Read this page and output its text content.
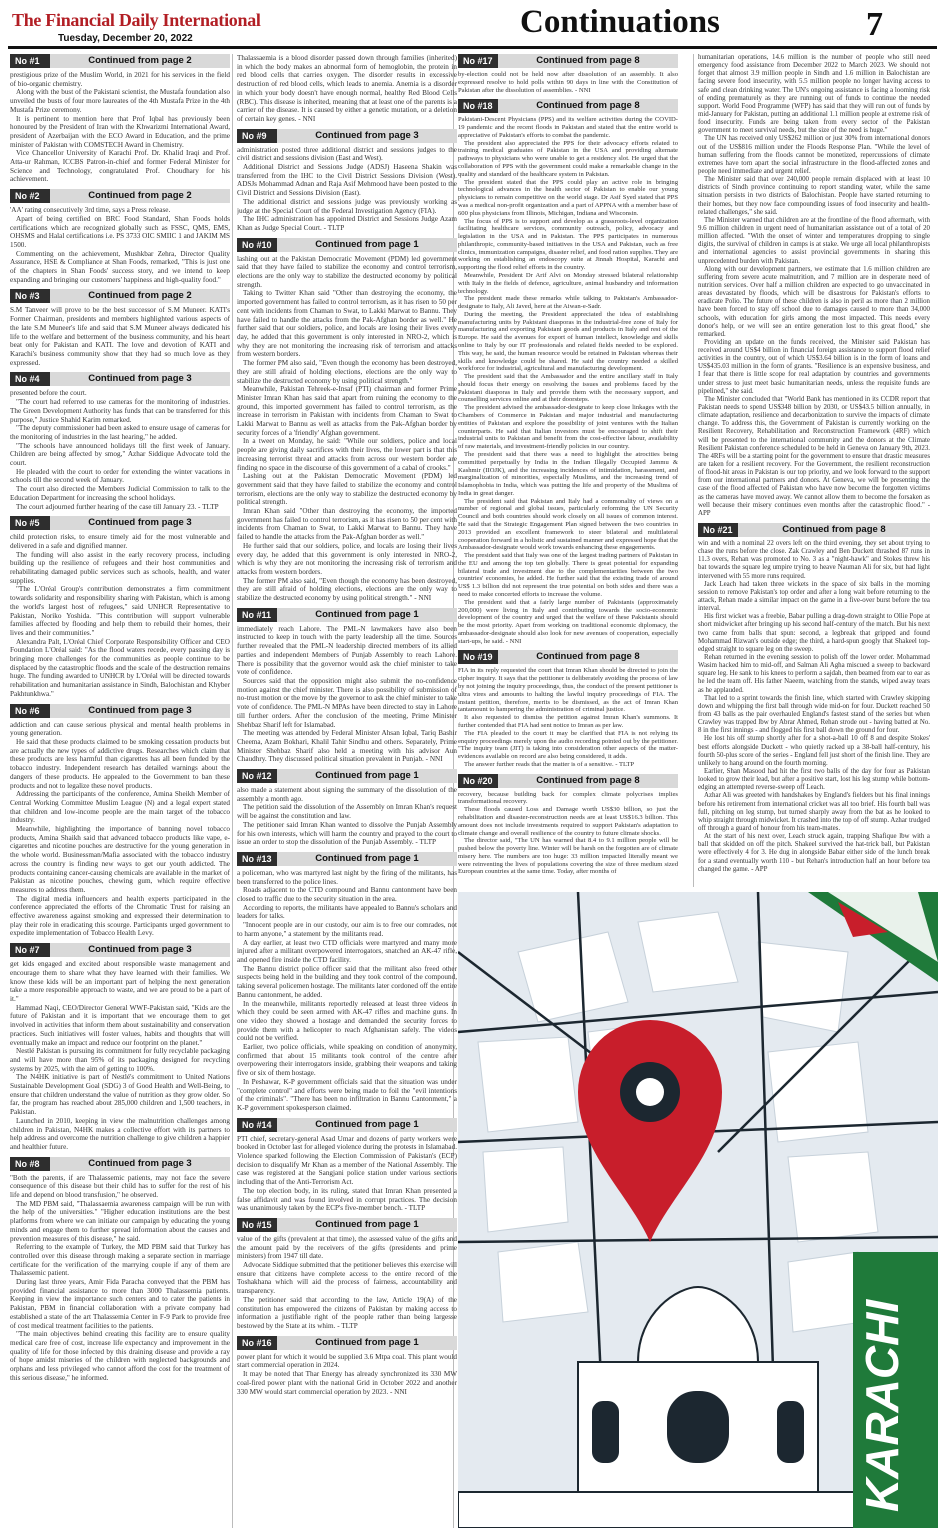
The Financial Daily International
Tuesday, December 20, 2022	Continuations	7
No #1	Continued from page 2

prestigious prize of the Muslim World, in 2021 for his services in the field of bio-organic chemistry.

Along with the bust of the Pakistani scientist, the Mustafa foundation also unveiled the busts of four more laureates of the 4th Mustafa Prize in the 4th Mustafa Prize ceremony.

It is pertinent to mention here that Prof Iqbal has previously been honoured by the President of Iran with the Khwarizmi International Award, president of Azerbaijan with the ECO Award in Education, and the prime minister of Pakistan with COMSTECH Award in Chemistry.

Vice Chancellor University of Karachi Prof. Dr. Khalid Iraqi and Prof. Atta-ur Rahman, ICCBS Patron-in-chief and former Federal Minister for Science and Technology, congratulated Prof. Choudhary for his achievement.

No #2	Continued from page 2

'AA' rating consecutively 3rd time, says a Press release.

Apart of being certified on BRC Food Standard, Shan Foods holds certifications which are recognized globally such as FSSC, QMS, EMS, OHSMS and Halal certifications i.e. PS 3733 OIC SMIIC 1 and JAKIM MS 1500.

Commenting on the achievement, Mushkbar Zehra, Director Quality Assurance, HSE & Compliance at Shan Foods, remarked, "This is just one of the chapters in Shan Foods' success story, and we intend to keep expanding and bringing our customers' happiness and high-quality food."

No #3	Continued from page 2

S.M Tanveer will prove to be the best successor of S.M Muneer. KATI's Former Chairman, presidents and members highlighted various aspects of the late S.M Muneer's life and said that S.M Muneer always dedicated his life to the welfare and betterment of the business community, and his heart beat only for Pakistan and KATI. The love and devotion of KATI and Karachi's business community show that they had so much love as they expressed.

No #4	Continued from page 3

presented before the court.

"The court had referred to use cameras for the monitoring of industries. The Green Development Authority has funds that can be transferred for this purpose," Justice Shahid Karim remarked.

"The deputy commissioner had been asked to ensure usage of cameras for the monitoring of industries in the last hearing," he added.

"The schools have announced holidays till the first week of January. Children are being affected by smog," Azhar Siddique Advocate told the court.

He pleaded with the court to order for extending the winter vacations in schools till the second week of January.

The court also directed the Members Judicial Commission to talk to the Education Department for increasing the school holidays.

The court adjourned further hearing of the case till January 23. - TLTP

No #5	Continued from page 3

child protection risks, to ensure timely aid for the most vulnerable and delivered in a safe and dignified manner.

The funding will also assist in the early recovery process, including building up the resilience of refugees and their host communities and rehabilitating damaged public services such as schools, health, and water supplies.

"The L'Oréal Group's contribution demonstrates a firm commitment towards solidarity and responsibility sharing with Pakistan, which is among the world's largest host of refugees," said UNHCR Representative to Pakistan, Noriko Yoshida. "This contribution will support vulnerable families affected by flooding and help them to rebuild their homes, their lives and their communities."

Alexandra Palt, L'Oréal Chief Corporate Responsibility Officer and CEO Foundation L'Oréal said: "As the flood waters recede, every passing day is bringing more challenges for the communities as people continue to be displaced by the catastrophic floods and the scale of the destruction remains huge. The funding awarded to UNHCR by L'Oréal will be directed towards rehabilitation and humanitarian assistance in Sindh, Balochistan and Khyber Pakhtunkhwa."

No #6	Continued from page 3

addiction and can cause serious physical and mental health problems in young generation.

He said that these products claimed to be smoking cessation products but are actually the new types of addictive drugs. Researches which claim that these products are less harmful than cigarettes has all been funded by the tobacco industry. Independent research has detailed warnings about the dangers of these products. He appealed to the Government to ban these products and not to legalize these novel products.

Addressing the participants of the conference, Amina Sheikh Member of Central Working Committee Muslim League (N) and a legal expert stated that children and low-income people are the main target of the tobacco industry.

Meanwhile, highlighting the importance of banning novel tobacco products, Amina Shaikh said that advanced tobacco products like vape, e-cigarettes and nicotine pouches are destructive for the young generation in the whole world. Businessman/Mafia associated with the tobacco industry across the country is finding new ways to get our youth addicted. The products containing cancer-causing chemicals are available in the market of Pakistan as nicotine pouches, chewing gum, which require effective measures to address them.

The digital media influencers and health experts participated in the conference appreciated the efforts of the Chromatic Trust for raising an effective awareness against smoking and expressed their determination to play their role in eradicating this scourge. Participants urged government to expedite implementation of Tobacco Health Levy.

No #7	Continued from page 3

get kids engaged and excited about responsible waste management and encourage them to share what they have learned with their families. We know these kids will be an important part of helping the next generation take a more responsible approach to waste, and we are proud to be a part of it."

Hammad Naqi, CEO/Director General WWF-Pakistan said, "Kids are the future of Pakistan and it is important that we encourage them to get involved in activities that inform them about sustainability and conservation practices. Such initiatives will foster values, habits and thoughts that will eventually make an impact and reduce our footprint on the planet."

Nestlé Pakistan is pursuing its commitment for fully recyclable packaging and will have more than 95% of its packaging designed for recycling systems by 2025, with the aim of getting to 100%.

The N4HK initiative is part of Nestlé's commitment to United Nations Sustainable Development Goal (SDG) 3 of Good Health and Well-Being, to ensure that children understand the value of nutrition as they grow older. So far, the program has reached about 285,000 children and 1,500 teachers, in Pakistan.

Launched in 2010, keeping in view the malnutrition challenges among children in Pakistan, N4HK makes a collective effort with its partners to help address and overcome the nutrition challenge to give children a happier and healthier future.

No #8	Continued from page 3

"Both the parents, if are Thalassemic patients, may not face the severe consequence of this disease but their child has to suffer for the rest of his life and depend on blood transfusion," he observed.

The MD PBM said, "Thalassaemia awareness campaign will be run with the help of the universities." "Higher education institutions are the best platforms from where we can initiate our campaign by educating the young minds and engage them to further spread information about the causes and prevention measures of this disease," he said.

Referring to the example of Turkey, the MD PBM said that Turkey has controlled over this disease through making a separate section in marriage certificate for the verification of the marrying couple if any of them are Thalassemic patient.

During last three years, Amir Fida Paracha conveyed that the PBM has provided financial assistance to more than 3000 Thalassemia patients. Keeping in view the importance such centers and to cater the patients in Pakistan, PBM in financial collaboration with a private company had established a state of the art Thalassemia Center in F-9 Park to provide free of cost medical treatment facilities to the patients.

"The main objectives behind creating this facility are to ensure quality medical care free of cost, increase life expectancy and improvement in the quality of life for those infected by this draining disease and provide a ray of hope amidst miseries of the children with neglected backgrounds and orphans and less privileged who cannot afford the cost for the treatment of this serious disease," he informed.

Thalassaemia is a blood disorder passed down through families (inherited) in which the body makes an abnormal form of hemoglobin, the protein in red blood cells that carries oxygen. The disorder results in excessive destruction of red blood cells, which leads to anemia. Anemia is a disorder in which your body doesn't have enough normal, healthy Red Blood Cells (RBC). This disease is inherited, meaning that at least one of the parents is a carrier of the disease. It is caused by either a genetic mutation, or a deletion of certain key genes. - NNI

No #9	Continued from page 3

administration posted three additional district and sessions judges to the civil district and sessions division (East and West).

Additional District and Sessions Judge (ADSJ) Haseena Shakin was transferred from the IHC to the Civil District Sessions Division (West). ADSJs Mohammad Adnan and Raja Asif Mehmood have been posted to the Civil District and Sessions Division (East).

The additional district and sessions judge was previously working as judge at the Special Court of the Federal Investigation Agency (FIA).

The IHC administration has appointed District and Sessions Judge Azam Khan as Judge Special Court. - TLTP

No #10	Continued from page 1

lashing out at the Pakistan Democratic Movement (PDM) led government said that they have failed to stabilize the economy and control terrorism, elections are the only way to stabilize the destructed economy by political strength.

Taking to Twitter Khan said "Other than destroying the economy, the imported government has failed to control terrorism, as it has risen to 50 per cent with incidents from Chaman to Swat, to Lakki Marwat to Bannu. They have failed to handle the attacks from the Pak-Afghan border as well." He further said that our soldiers, police, and locals are losing their lives every day, he added that this government is only interested in NRO-2, which is why they are not monitoring the increasing risk of terrorism and attacks from western borders.

The former PM also said, "Even though the economy has been destroyed, they are still afraid of holding elections, elections are the only way to stabilize the destructed economy by using political strength."

Meanwhile, Pakistan Tehreek-e-Insaf (PTI) chairman and former Prime Minister Imran Khan has said that apart from ruining the economy to the ground, this imported government has failed to control terrorism, as the increase in terrorism in Pakistan with incidents from Chaman to Swat to Lakki Marwat to Bannu as well as attacks from the Pak-Afghan border by security forces of a 'friendly' Afghan government.

In a tweet on Monday, he said: "While our soldiers, police and local people are giving daily sacrifices with their lives, the lower part is that this increasing terrorist threat and attacks from across our western border are finding no space in the discourse of this government of a cabal of crooks."

Lashing out at the Pakistan Democratic Movement (PDM) led government said that they have failed to stabilize the economy and control terrorism, elections are the only way to stabilize the destructed economy by political strength.

Imran Khan said "Other than destroying the economy, the imported government has failed to control terrorism, as it has risen to 50 per cent with incidents from Chaman to Swat, to Lakki Marwat to Bannu. They have failed to handle the attacks from the Pak-Afghan border as well."

He further said that our soldiers, police, and locals are losing their lives every day, he added that this government is only interested in NRO-2, which is why they are not monitoring the increasing risk of terrorism and attacks from western borders.

The former PM also said, "Even though the economy has been destroyed, they are still afraid of holding elections, elections are the only way to stabilize the destructed economy by using political strength." - NNI

No #11	Continued from page 1

immediately reach Lahore. The PML-N lawmakers have also been instructed to keep in touch with the party leadership all the time. Sources further revealed that the PML-N leadership directed members of its allied parties and independent Members of Punjab Assembly to reach Lahore. There is possibility that the governor would ask the chief minister to take vote of confidence.

Sources said that the opposition might also submit the no-confidence motion against the chief minister. There is also possibility of submission of no-trust motion or the move by the governor to ask the chief minister to take vote of confidence. The PML-N MPAs have been directed to stay in Lahore till further orders. After the conclusion of the meeting, Prime Minister Shehbaz Sharif left for Islamabad.

The meeting was attended by Federal Minister Ahsan Iqbal, Tariq Bashir Cheema, Azam Bokhari, Khalil Tahir Sindhu and others. Separately, Prime Minister Shehbaz Sharif also held a meeting with his advisor Aun Chaudhry. They discussed political situation prevalent in Punjab. - NNI

No #12	Continued from page 1

also made a statement about signing the summary of the dissolution of the assembly a month ago.

The petition said the dissolution of the Assembly on Imran Khan's request will be against the constitution and law.

The petitioner said Imran Khan wanted to dissolve the Punjab Assembly for his own interests, which will harm the country and prayed to the court to issue an order to stop the dissolution of the Punjab Assembly. - TLTP

No #13	Continued from page 1

a policeman, who was martyred last night by the firing of the militants, has been transferred to the police lines.

Roads adjacent to the CTD compound and Bannu cantonment have been closed to traffic due to the security situation in the area.

According to reports, the militants have appealed to Bannu's scholars and leaders for talks.

"Innocent people are in our custody, our aim is to free our comrades, not to harm anyone," a statement by the militants read.

A day earlier, at least two CTD officials were martyred and many more injured after a militant overpowered interrogators, snatched an AK-47 rifle, and opened fire inside the CTD facility.

The Bannu district police officer said that the militant also freed other suspects being held in the building and they took control of the compound, taking several policemen hostage. The militants later cordoned off the entire Bannu cantonment, he added.

In the meanwhile, militants reportedly released at least three videos in which they could be seen armed with AK-47 rifles and machine guns. In one video they showed a hostage and demanded the security forces to provide them with a helicopter to reach Afghanistan safely. The videos could not be verified.

Earlier, two police officials, while speaking on condition of anonymity, confirmed that about 15 militants took control of the centre after overpowering their interrogators inside, grabbing their weapons and taking five or six of them hostage.

In Peshawar, K-P government officials said that the situation was under "complete control" and efforts were being made to foil the "evil intentions of the criminals". "There has been no infiltration in Bannu Cantonment," a K-P government spokesperson claimed.

No #14	Continued from page 1

PTI chief, secretary-general Asad Umar and dozens of party workers were booked in October last for alleged violence during the protests in Islamabad. Violence sparked following the Election Commission of Pakistan's (ECP) decision to disqualify Mr Khan as a member of the National Assembly. The case was registered at the Sangjani police station under various sections including that of the Anti-Terrorism Act.

The top election body, in its ruling, stated that Imran Khan presented a false affidavit and was found involved in corrupt practices. The decision was unanimously taken by the ECP's five-member bench. - TLTP

No #15	Continued from page 1

value of the gifts (prevalent at that time), the assessed value of the gifts and the amount paid by the receivers of the gifts (presidents and prime ministers) from 1947 till date.

Advocate Siddique submitted that the petitioner believes this exercise will ensure that citizens have complete access to the entire record of the Toshakhana which will aid the process of fairness, accountability and transparency.

The petitioner said that according to the law, Article 19(A) of the constitution has empowered the citizens of Pakistan by making access to information a justifiable right of the people rather than being largesse bestowed by the State at its whim. - TLTP

No #16	Continued from page 1

power plant for which it would be supplied 3.6 Mtpa coal. This plant would start commercial operation in 2024.

It may be noted that Thar Energy has already synchronized its 330 MW coal-fired power plant with the national Grid in October 2022 and another 330 MW would start commercial operation by 2023. - NNI

No #17	Continued from page 8

by-election could not be held now after dissolution of an assembly. It also expressed resolve to hold polls within 90 days in line with the Constitution of Pakistan after the dissolution of assemblies. - NNI

No #18	Continued from page 8

Pakistani-Descent Physicians (PPS) and its welfare activities during the COVID-19 pandemic and the recent floods in Pakistan and stated that the entire world is appreciative of Pakistan's efforts to combat the pandemic.

The president also appreciated the PPS for their advocacy efforts related to training medical graduates of Pakistan in the USA and providing alternate pathways to physicians who were unable to get a residency slot. He urged that the collaboration of PPS with the government could make a remarkable change in the quality and standard of the healthcare system in Pakistan.

The president stated that the PPS could play an active role in bringing technological advances in the health sector of Pakistan to enable our young physicians to remain competitive on the world stage. Dr Asif Syed stated that PPS was a medical non-profit organization and a part of APPNA with a member base of 600 plus physicians from Illinois, Michigan, Indiana and Wisconsin.

The focus of PPS is to support and develop as a grassroots-level organization facilitating healthcare services, community outreach, policy, advocacy and legislation in the USA and in Pakistan. The PPS participates in numerous philanthropic, community-based initiatives in the USA and Pakistan, such as free clinics, immunization campaigns, disaster relief, and food ration supplies. They are working on establishing an endoscopy suite at Jinnah Hospital, Karachi and supporting the flood relief efforts in the country.

Meanwhile, President Dr Arif Alvi on Monday stressed bilateral relationship with Italy in the fields of defence, agriculture, animal husbandry and information technology.

The president made these remarks while talking to Pakistan's Ambassador-designate to Italy, Ali Javed, here at the Aiwan-e-Sadr.

During the meeting, the President appreciated the idea of establishing manufacturing units by Pakistani diasporas in the industrial-free zone of Italy for manufacturing and exporting Pakistani goods and products in Italy and rest of the Europe. He said the avenues for export of human intellect, knowledge and skills online to Italy by our IT professionals and related fields needed to be explored. This way, he said, the human resource would be retained in Pakistan whereas their skills and knowledge could be shared. He said the country needed a skilled workforce for industrial, agricultural and manufacturing development.

The president said that the Ambassador and the entire ancillary staff in Italy should focus their energy on resolving the issues and problems faced by the Pakistani diasporas in Italy and provide them with the necessary support, and counselling services online and at their doorsteps.

The president advised the ambassador-designate to keep close linkages with the Chambers of Commerce in Pakistan and major industrial and manufacturing entities of Pakistan and explore the possibility of joint ventures with the Italian counterparts. He said that Italian investors must be encouraged to shift their industrial units to Pakistan and benefit from the cost-effective labour, availability of raw materials, and investment-friendly policies in our country.

The president said that there was a need to highlight the atrocities being committed perpetually by India in the Indian Illegally Occupied Jammu & Kashmir (IIOJK), and the increasing incidences of intimidation, harassment, and marginalization of minorities, especially Muslims, and the increasing trend of Islamophobia in India, which was putting the life and property of the Muslims of India in great danger.

The president said that Pakistan and Italy had a commonality of views on a number of regional and global issues, particularly reforming the UN Security Council and both countries should work closely on all issues of common interest. He said that the Strategic Engagement Plan signed between the two countries in 2013 provided an excellent framework to steer bilateral and multilateral cooperation forward in a holistic and sustained manner and expressed hope that the Ambassador-designate would work towards enhancing these engagements.

The president said that Italy was one of the largest trading partners of Pakistan in the EU and among the top ten globally. There is great potential for expanding bilateral trade and investment due to the complementarities between the two countries' economies, he added. He further said that the existing trade of around US$ 1.3 billion did not represent the true potential on both sides and there was a need to make concerted efforts to increase the volume.

The president said that a fairly large number of Pakistanis (approximately 200,000) were living in Italy and contributing towards the socio-economic development of the country and urged that the welfare of these Pakistanis should be the most priority. Apart from working on traditional economic diplomacy, the ambassador-designate should also look for new avenues of cooperation, especially start-ups, he said. - NNI

No #19	Continued from page 8

FIA in its reply requested the court that Imran Khan should be directed to join the cipher inquiry. It says that the petitioner is deliberately avoiding the process of law by not joining the inquiry proceedings, thus, the conduct of the present petitioner is ultra vires and amounts to halting the lawful inquiry proceedings of FIA. The instant petition, therefore, merits to be dismissed, as the act of Imran Khan tantamount to hampering the administration of criminal justice.

It also requested to dismiss the petition against Imran Khan's summons. It further contended that FIA had sent notice to Imran as per law.

The FIA pleaded to the court it may be clarified that FIA is not relying its enquiry proceedings merely upon the audio recording pointed out by the petitioner. "The inquiry team (JIT) is taking into consideration other aspects of the matter- evidences available on record are also being considered, it adds.

The answer further reads that the matter is of a sensitive. - TLTP

No #20	Continued from page 8

recovery, because building back for complex climate polycrises implies transformational recovery.

These floods caused Loss and Damage worth US$30 billion, so just the rehabilitation and disaster-reconstruction needs are at least US$16.3 billion. This amount does not include investments required to support Pakistan's adaptation to climate change and overall resilience of the country to future climate shocks.

The director said, "The UN has warned that 8.4 to 9.1 million people will be pushed below the poverty line. Winter will be harsh on the forgotten are of climate misery here. The numbers are too huge: 33 million impacted literally meant we were reinventing the lives of populations covering the size of three medium sized European countries at the same time. Today, after months of

humanitarian operations, 14.6 million is the number of people who still need emergency food assistance from December 2022 to March 2023. We should not forget that almost 3.9 million people in Sindh and 1.6 million in Balochistan are facing severe food insecurity, with 5.5 million people no longer having access to safe and clean drinking water. The UN's ongoing assistance is facing a looming risk of ending prematurely as they are running out of funds to continue the needed support. World Food Programme (WFP) has said that they will run out of funds by mid-January for Pakistan, putting an additional 1.1 million people at extreme risk of food insecurity. Funds are being taken from every sector of the Pakistan government to meet survival needs, but the size of the need is huge."

The UN has received only US$262 million or just 30% from international donors out of the US$816 million under the Floods Response Plan. "While the level of human suffering from the floods cannot be monetized, repercussions of climate extremes have torn apart the social infrastructure in the flood-affected zones and people need immediate and urgent relief.

The Minister said that over 240,000 people remain displaced with at least 10 districts of Sindh province continuing to report standing water, while the same situation persists in two districts of Balochistan. People have started returning to their homes, but they now face compounding issues of food insecurity and health-related challenges," she said.

The Minister warned that children are at the frontline of the flood aftermath, with 9.6 million children in urgent need of humanitarian assistance out of a total of 20 million affected. "With the onset of winter and temperatures dropping to single digits, the survival of children in camps is at stake. We urge all local philanthropists and international agencies to assist provincial governments in sharing this unprecedented burden with Pakistan.

Along with our development partners, we estimate that 1.6 million children are suffering from severe acute malnutrition, and 7 million are in desperate need of nutrition services. Over half a million children are expected to go unvaccinated in areas devastated by floods, which will be disastrous for Pakistan's efforts to eradicate Polio. The future of these children is also in peril as more than 2 million have been forced to stay off school due to damages caused to more than 34,000 schools, with education for girls among the most impacted. This needs every donor's help, or we will see an entire generation lost to this great flood," she remarked.

Providing an update on the funds received, the Minister said Pakistan has received around US$4 billion in financial foreign assistance to support flood relief activities in the country, out of which US$3.64 billion is in the form of loans and US$435.03 million in the form of grants. "Resilience is an expensive business, and I fear that there is little scope for real adaptation by countries and governments under stress to just meet basic humanitarian needs, unless the requisite funds are pipelined," she said.

The Minister concluded that "World Bank has mentioned in its CCDR report that Pakistan needs to spend US$348 billion by 2030, or US$43.5 billion annually, in climate adaptation, resilience and decarbonization to survive the impacts of climate change. To address this, the Government of Pakistan is currently working on the Resilient Recovery, Rehabilitation and Reconstruction Framework (4RF) which will be presented to the international community and the donors at the Climate Resilient Pakistan conference scheduled to be held in Geneva on January 9th, 2023. The 4RFs will be a starting point for the government to ensure that drastic measures are taken for a resilient recovery. For the Government, the resilient reconstruction of flood-hit areas in Pakistan is our top priority, and we look forward to the support from our international partners and donors. At Geneva, we will be presenting the case of the flood affected of Pakistan who have now become the forgotten victims as the cameras have moved away. We cannot allow them to become the forsaken as well because their misery continues even months after the catastrophic flood." - APP

No #21	Continued from page 8

win and with a nominal 22 overs left on the third evening, they set about trying to chase the runs before the close. Zak Crawley and Ben Duckett thrashed 87 runs in 11.3 overs, Rehan was promoted to No. 3 as a "night-hawk" and Stokes threw his bat towards the square leg umpire trying to heave Nauman Ali for six, but had light intervened with 55 more runs required.

Jack Leach had taken three wickets in the space of six balls in the morning session to remove Pakistan's top order and after a long wait before returning to the attack, Rehan made a similar impact on the game in a five-over burst before the tea interval.

His first wicket was a freebie, Babar pulling a drag-down straight to Ollie Pope at short midwicket after bringing up his second half-century of the match. But his next two came from balls that spun: second, a legbreak that gripped and found Mohammad Rizwan's outside edge; the third, a hard-spun googly that Shakeel top-edged straight to square leg on the sweep.

Rehan returned in the evening session to polish off the lower order. Mohammad Wasim hacked him to mid-off, and Salman Ali Agha miscued a sweep to backward square leg. He sank to his knees to perform a sajdah, then beamed from ear to ear as he led the team off. His father Naeem, watching from the stands, wiped away tears as he applauded.

That led to a sprint towards the finish line, which started with Crawley skipping down and whipping the first ball through wide mid-on for four. Duckett reached 50 from 43 balls as the pair overhauled England's fastest stand of the series but when Crawley was trapped lbw by Abrar Ahmed, Rehan strode out - having batted at No. 8 in the first innings - and flogged his first ball down the ground for four.

He lost his off stump shortly after for a shot-a-ball 10 off 8 and despite Stokes' best efforts alongside Duckett - who quietly racked up a 38-ball half-century, his fourth 50-plus score of the series - England fell just short of the finish line. They are unlikely to hang around on the fourth morning.

Earlier, Shan Masood had hit the first two balls of the day for four as Pakistan looked to grow their lead, but after a positive start, lost his leg stump while bottom-edging an attempted reverse-sweep off Leach.

Azhar Ali was greeted with handshakes by England's fielders but his final innings before his retirement from international cricket was all too brief. His fourth ball was full, pitching on leg stump, but turned sharply away from the bat as he looked to whip straight through midwicket. It crashed into the top of off stump. Azhar trudged off through a guard of honour from his team-mates.

At the start of his next over, Leach struck again, trapping Shafique lbw with a ball that skidded on off the pitch. Shakeel survived the hat-trick ball, but Pakistan were effectively 4 for 3. He dug in alongside Babar either side of the lunch break for a stand eventually worth 110 - but Rehan's introduction half an hour before tea changed the game. - APP

KARACHI
